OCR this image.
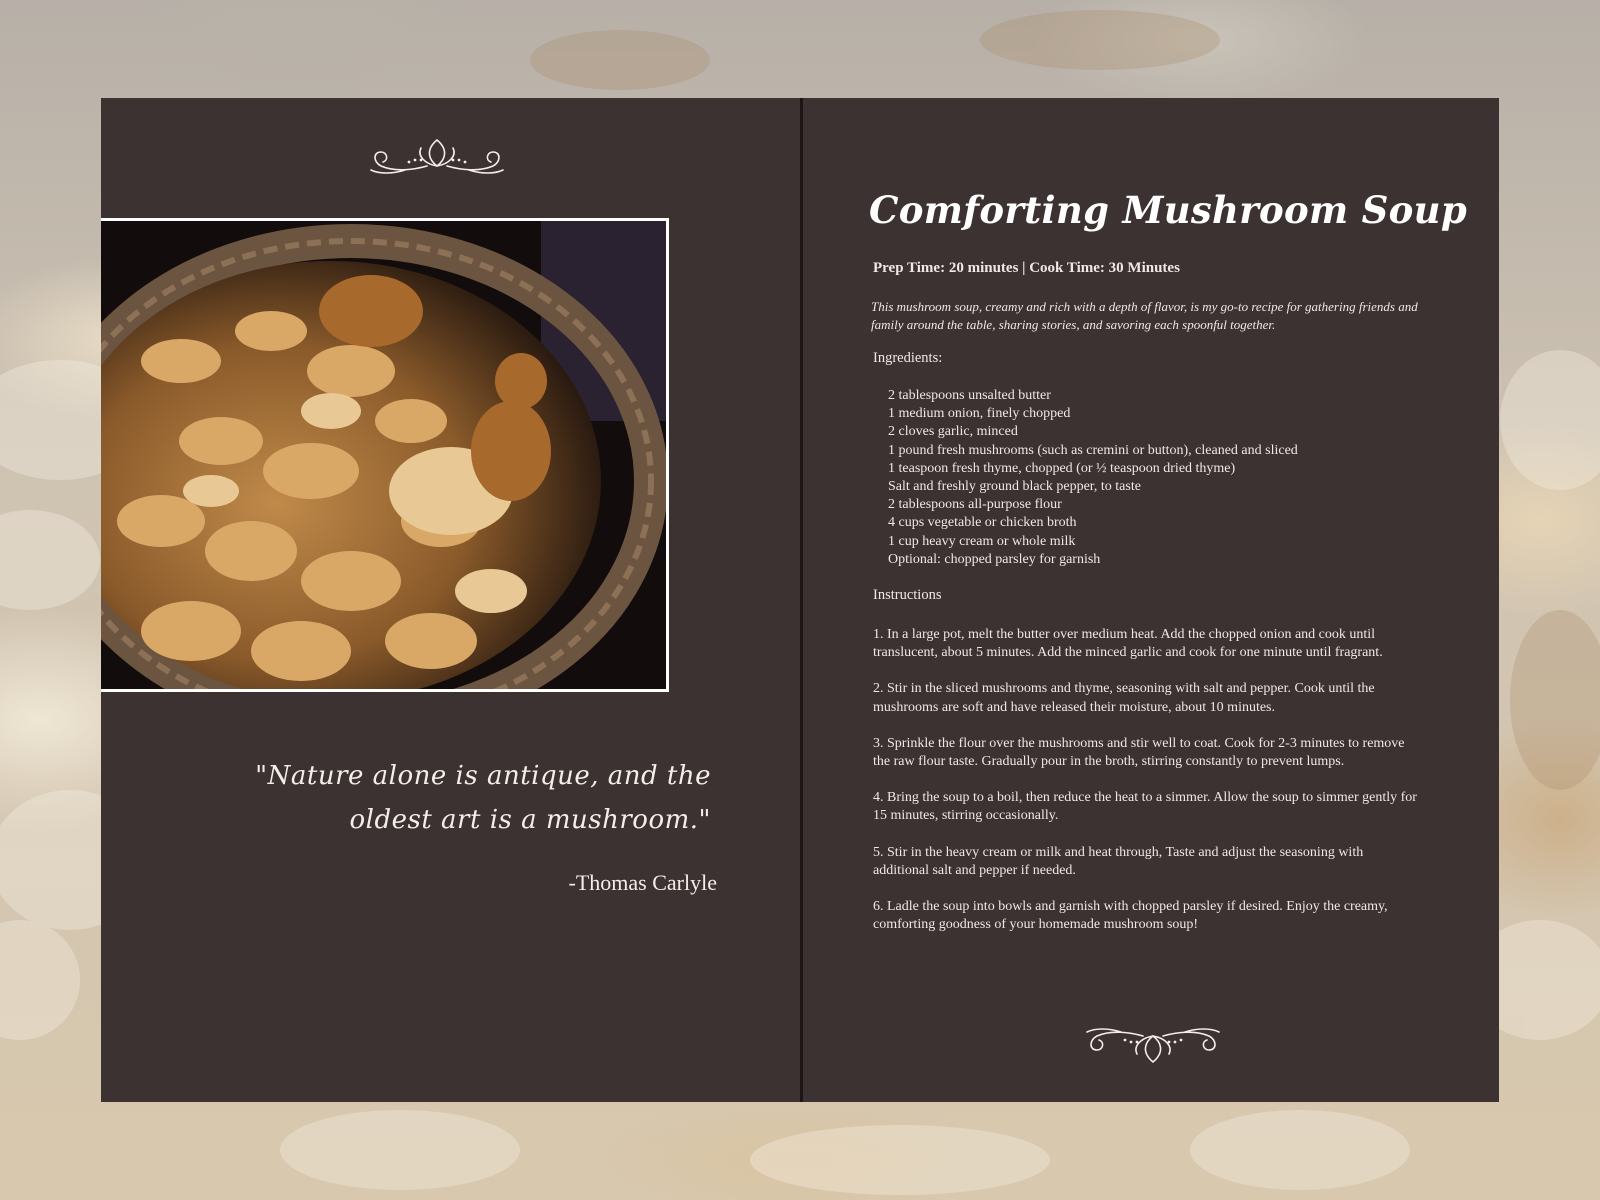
"Nature alone is antique, and the oldest art is a mushroom."
-Thomas Carlyle
Comforting Mushroom Soup
Prep Time: 20 minutes | Cook Time: 30 Minutes
This mushroom soup, creamy and rich with a depth of flavor, is my go-to recipe for gathering friends and family around the table, sharing stories, and savoring each spoonful together.
Ingredients:
2 tablespoons unsalted butter
1 medium onion, finely chopped
2 cloves garlic, minced
1 pound fresh mushrooms (such as cremini or button), cleaned and sliced
1 teaspoon fresh thyme, chopped (or ½ teaspoon dried thyme)
Salt and freshly ground black pepper, to taste
2 tablespoons all-purpose flour
4 cups vegetable or chicken broth
1 cup heavy cream or whole milk
Optional: chopped parsley for garnish
Instructions
1. In a large pot, melt the butter over medium heat. Add the chopped onion and cook until translucent, about 5 minutes. Add the minced garlic and cook for one minute until fragrant.
2. Stir in the sliced mushrooms and thyme, seasoning with salt and pepper. Cook until the mushrooms are soft and have released their moisture, about 10 minutes.
3. Sprinkle the flour over the mushrooms and stir well to coat. Cook for 2-3 minutes to remove the raw flour taste. Gradually pour in the broth, stirring constantly to prevent lumps.
4. Bring the soup to a boil, then reduce the heat to a simmer. Allow the soup to simmer gently for 15 minutes, stirring occasionally.
5. Stir in the heavy cream or milk and heat through, Taste and adjust the seasoning with additional salt and pepper if needed.
6. Ladle the soup into bowls and garnish with chopped parsley if desired. Enjoy the creamy, comforting goodness of your homemade mushroom soup!
